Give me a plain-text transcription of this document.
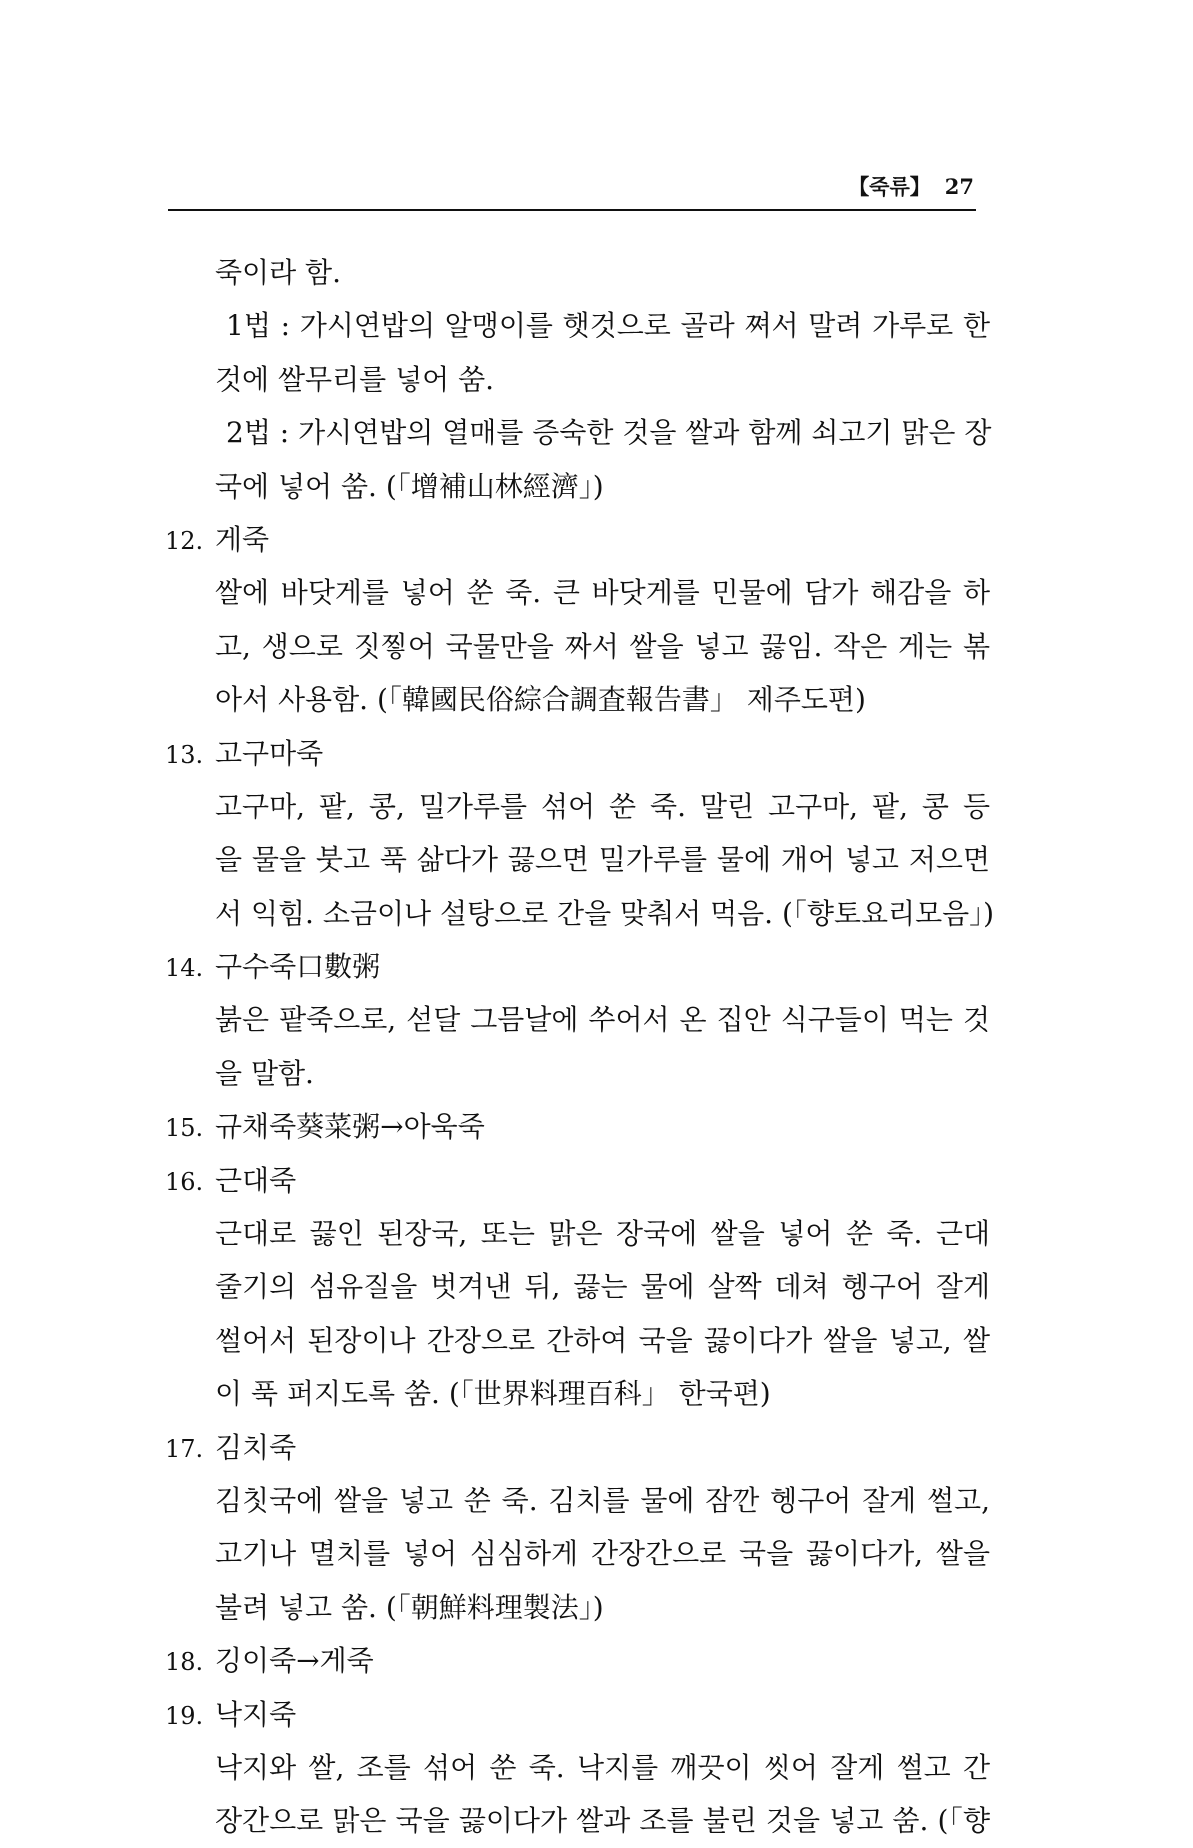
【죽류】 27
죽이라 함.
1법 : 가시연밥의 알맹이를 햇것으로 골라 쪄서 말려 가루로 한
것에 쌀무리를 넣어 쑴.
2법 : 가시연밥의 열매를 증숙한 것을 쌀과 함께 쇠고기 맑은 장
국에 넣어 쑴. (「增補山林經濟」)
12. 게죽
쌀에 바닷게를 넣어 쑨 죽. 큰 바닷게를 민물에 담가 해감을 하
고, 생으로 짓찧어 국물만을 짜서 쌀을 넣고 끓임. 작은 게는 볶
아서 사용함. (「韓國民俗綜合調査報告書」 제주도편)
13. 고구마죽
고구마, 팥, 콩, 밀가루를 섞어 쑨 죽. 말린 고구마, 팥, 콩 등
을 물을 붓고 푹 삶다가 끓으면 밀가루를 물에 개어 넣고 저으면
서 익힘. 소금이나 설탕으로 간을 맞춰서 먹음. (「향토요리모음」)
14. 구수죽口數粥
붉은 팥죽으로, 섣달 그믐날에 쑤어서 온 집안 식구들이 먹는 것
을 말함.
15. 규채죽葵菜粥→아욱죽
16. 근대죽
근대로 끓인 된장국, 또는 맑은 장국에 쌀을 넣어 쑨 죽. 근대
줄기의 섬유질을 벗겨낸 뒤, 끓는 물에 살짝 데쳐 헹구어 잘게
썰어서 된장이나 간장으로 간하여 국을 끓이다가 쌀을 넣고, 쌀
이 푹 퍼지도록 쑴. (「世界料理百科」 한국편)
17. 김치죽
김칫국에 쌀을 넣고 쑨 죽. 김치를 물에 잠깐 헹구어 잘게 썰고,
고기나 멸치를 넣어 심심하게 간장간으로 국을 끓이다가, 쌀을
불려 넣고 쑴. (「朝鮮料理製法」)
18. 깅이죽→게죽
19. 낙지죽
낙지와 쌀, 조를 섞어 쑨 죽. 낙지를 깨끗이 씻어 잘게 썰고 간
장간으로 맑은 국을 끓이다가 쌀과 조를 불린 것을 넣고 쑴. (「향
